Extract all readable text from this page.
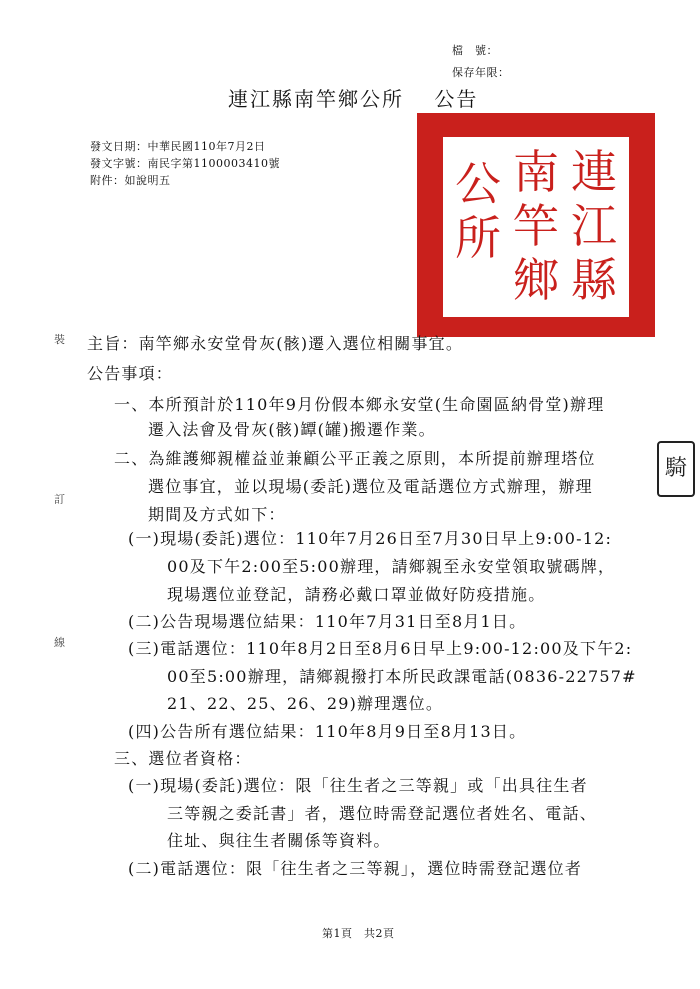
檔　號：
保存年限：
連江縣南竿鄉公所　 公告
發文日期：中華民國110年7月2日
發文字號：南民字第1100003410號
附件：如說明五	連江縣
南竿鄉
公所
騎
裝
訂
線
主旨：南竿鄉永安堂骨灰(骸)遷入選位相關事宜。
公告事項：
一、本所預計於110年9月份假本鄉永安堂(生命園區納骨堂)辦理
遷入法會及骨灰(骸)罈(罐)搬遷作業。
二、為維護鄉親權益並兼顧公平正義之原則，本所提前辦理塔位
選位事宜，並以現場(委託)選位及電話選位方式辦理，辦理
期間及方式如下：
(一)現場(委託)選位：110年7月26日至7月30日早上9:00-12:
00及下午2:00至5:00辦理，請鄉親至永安堂領取號碼牌，
現場選位並登記，請務必戴口罩並做好防疫措施。
(二)公告現場選位結果：110年7月31日至8月1日。
(三)電話選位：110年8月2日至8月6日早上9:00-12:00及下午2:
00至5:00辦理，請鄉親撥打本所民政課電話(0836-22757#
21、22、25、26、29)辦理選位。
(四)公告所有選位結果：110年8月9日至8月13日。
三、選位者資格：
(一)現場(委託)選位：限「往生者之三等親」或「出具往生者
三等親之委託書」者，選位時需登記選位者姓名、電話、
住址、與往生者關係等資料。
(二)電話選位：限「往生者之三等親」，選位時需登記選位者
第1頁　共2頁
